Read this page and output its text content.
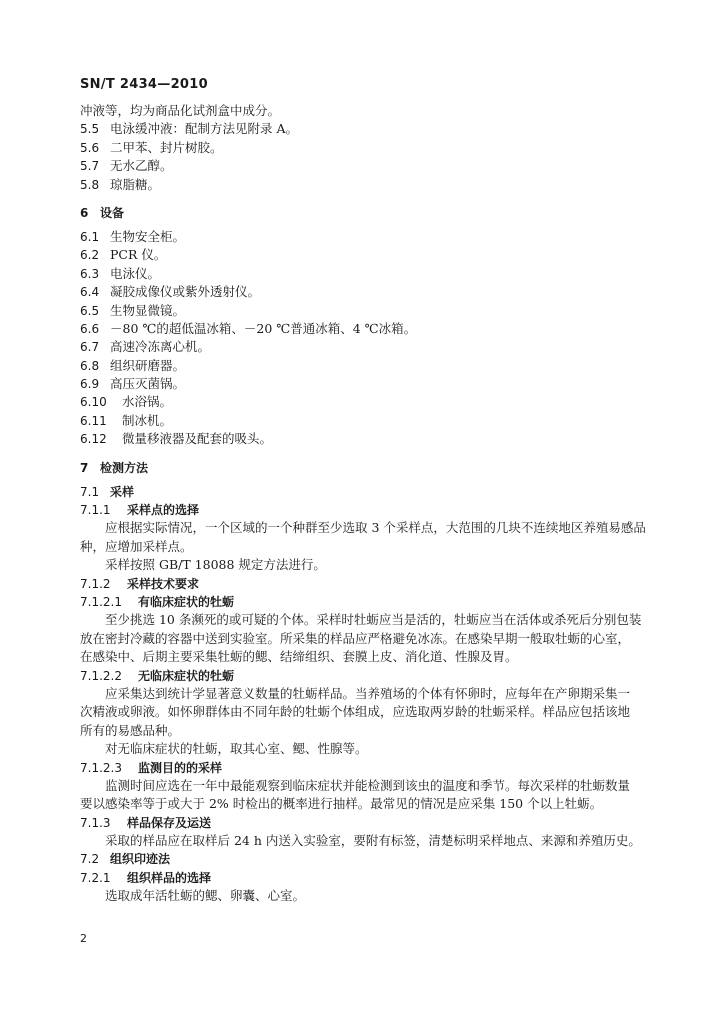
SN/T 2434—2010
冲液等，均为商品化试剂盒中成分。
5.5 电泳缓冲液：配制方法见附录 A。
5.6 二甲苯、封片树胶。
5.7 无水乙醇。
5.8 琼脂糖。
6 设备
6.1 生物安全柜。
6.2 PCR 仪。
6.3 电泳仪。
6.4 凝胶成像仪或紫外透射仪。
6.5 生物显微镜。
6.6 －80 ℃的超低温冰箱、－20 ℃普通冰箱、4 ℃冰箱。
6.7 高速冷冻离心机。
6.8 组织研磨器。
6.9 高压灭菌锅。
6.10 水浴锅。
6.11 制冰机。
6.12 微量移液器及配套的吸头。
7 检测方法
7.1 采样
7.1.1 采样点的选择
应根据实际情况，一个区域的一个种群至少选取 3 个采样点，大范围的几块不连续地区养殖易感品
种，应增加采样点。
采样按照 GB/T 18088 规定方法进行。
7.1.2 采样技术要求
7.1.2.1 有临床症状的牡蛎
至少挑选 10 条濒死的或可疑的个体。采样时牡蛎应当是活的，牡蛎应当在活体或杀死后分别包装
放在密封冷藏的容器中送到实验室。所采集的样品应严格避免冰冻。在感染早期一般取牡蛎的心室，
在感染中、后期主要采集牡蛎的鳃、结缔组织、套膜上皮、消化道、性腺及胃。
7.1.2.2 无临床症状的牡蛎
应采集达到统计学显著意义数量的牡蛎样品。当养殖场的个体有怀卵时，应每年在产卵期采集一
次精液或卵液。如怀卵群体由不同年龄的牡蛎个体组成，应选取两岁龄的牡蛎采样。样品应包括该地
所有的易感品种。
对无临床症状的牡蛎，取其心室、鳃、性腺等。
7.1.2.3 监测目的的采样
监测时间应选在一年中最能观察到临床症状并能检测到该虫的温度和季节。每次采样的牡蛎数量
要以感染率等于或大于 2% 时检出的概率进行抽样。最常见的情况是应采集 150 个以上牡蛎。
7.1.3 样品保存及运送
采取的样品应在取样后 24 h 内送入实验室，要附有标签，清楚标明采样地点、来源和养殖历史。
7.2 组织印迹法
7.2.1 组织样品的选择
选取成年活牡蛎的鳃、卵囊、心室。
2
